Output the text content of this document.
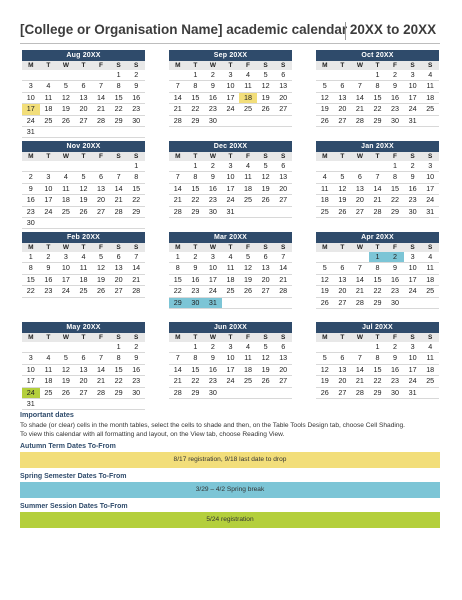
[College or Organisation Name] academic calendar 20XX to 20XX
Aug 20XX
M	T	W	T	F	S	S
					1	2
3	4	5	6	7	8	9
10	11	12	13	14	15	16
17	18	19	20	21	22	23
24	25	26	27	28	29	30
31						
Sep 20XX
M	T	W	T	F	S	S
	1	2	3	4	5	6
7	8	9	10	11	12	13
14	15	16	17	18	19	20
21	22	23	24	25	26	27
28	29	30				
Oct 20XX
M	T	W	T	F	S	S
			1	2	3	4
5	6	7	8	9	10	11
12	13	14	15	16	17	18
19	20	21	22	23	24	25
26	27	28	29	30	31	
Nov 20XX
M	T	W	T	F	S	S
						1
2	3	4	5	6	7	8
9	10	11	12	13	14	15
16	17	18	19	20	21	22
23	24	25	26	27	28	29
30						
Dec 20XX
M	T	W	T	F	S	S
	1	2	3	4	5	6
7	8	9	10	11	12	13
14	15	16	17	18	19	20
21	22	23	24	25	26	27
28	29	30	31			
Jan 20XX
M	T	W	T	F	S	S
				1	2	3
4	5	6	7	8	9	10
11	12	13	14	15	16	17
18	19	20	21	22	23	24
25	26	27	28	29	30	31
Feb 20XX
M	T	W	T	F	S	S
1	2	3	4	5	6	7
8	9	10	11	12	13	14
15	16	17	18	19	20	21
22	23	24	25	26	27	28
Mar 20XX
M	T	W	T	F	S	S
1	2	3	4	5	6	7
8	9	10	11	12	13	14
15	16	17	18	19	20	21
22	23	24	25	26	27	28
29	30	31				
Apr 20XX
M	T	W	T	F	S	S
			1	2	3	4
5	6	7	8	9	10	11
12	13	14	15	16	17	18
19	20	21	22	23	24	25
26	27	28	29	30		
May 20XX
M	T	W	T	F	S	S
					1	2
3	4	5	6	7	8	9
10	11	12	13	14	15	16
17	18	19	20	21	22	23
24	25	26	27	28	29	30
31						
Jun 20XX
M	T	W	T	F	S	S
	1	2	3	4	5	6
7	8	9	10	11	12	13
14	15	16	17	18	19	20
21	22	23	24	25	26	27
28	29	30				
Jul 20XX
M	T	W	T	F	S	S
			1	2	3	4
5	6	7	8	9	10	11
12	13	14	15	16	17	18
19	20	21	22	23	24	25
26	27	28	29	30	31	
Important dates
To shade (or clear) cells in the month tables, select the cells to shade and then, on the Table Tools Design tab, choose Cell Shading.
To view this calendar with all formatting and layout, on the View tab, choose Reading View.
Autumn Term Dates To-From
8/17 registration, 9/18 last date to drop
Spring Semester Dates To-From
3/29 – 4/2 Spring break
Summer Session Dates To-From
5/24 registration
